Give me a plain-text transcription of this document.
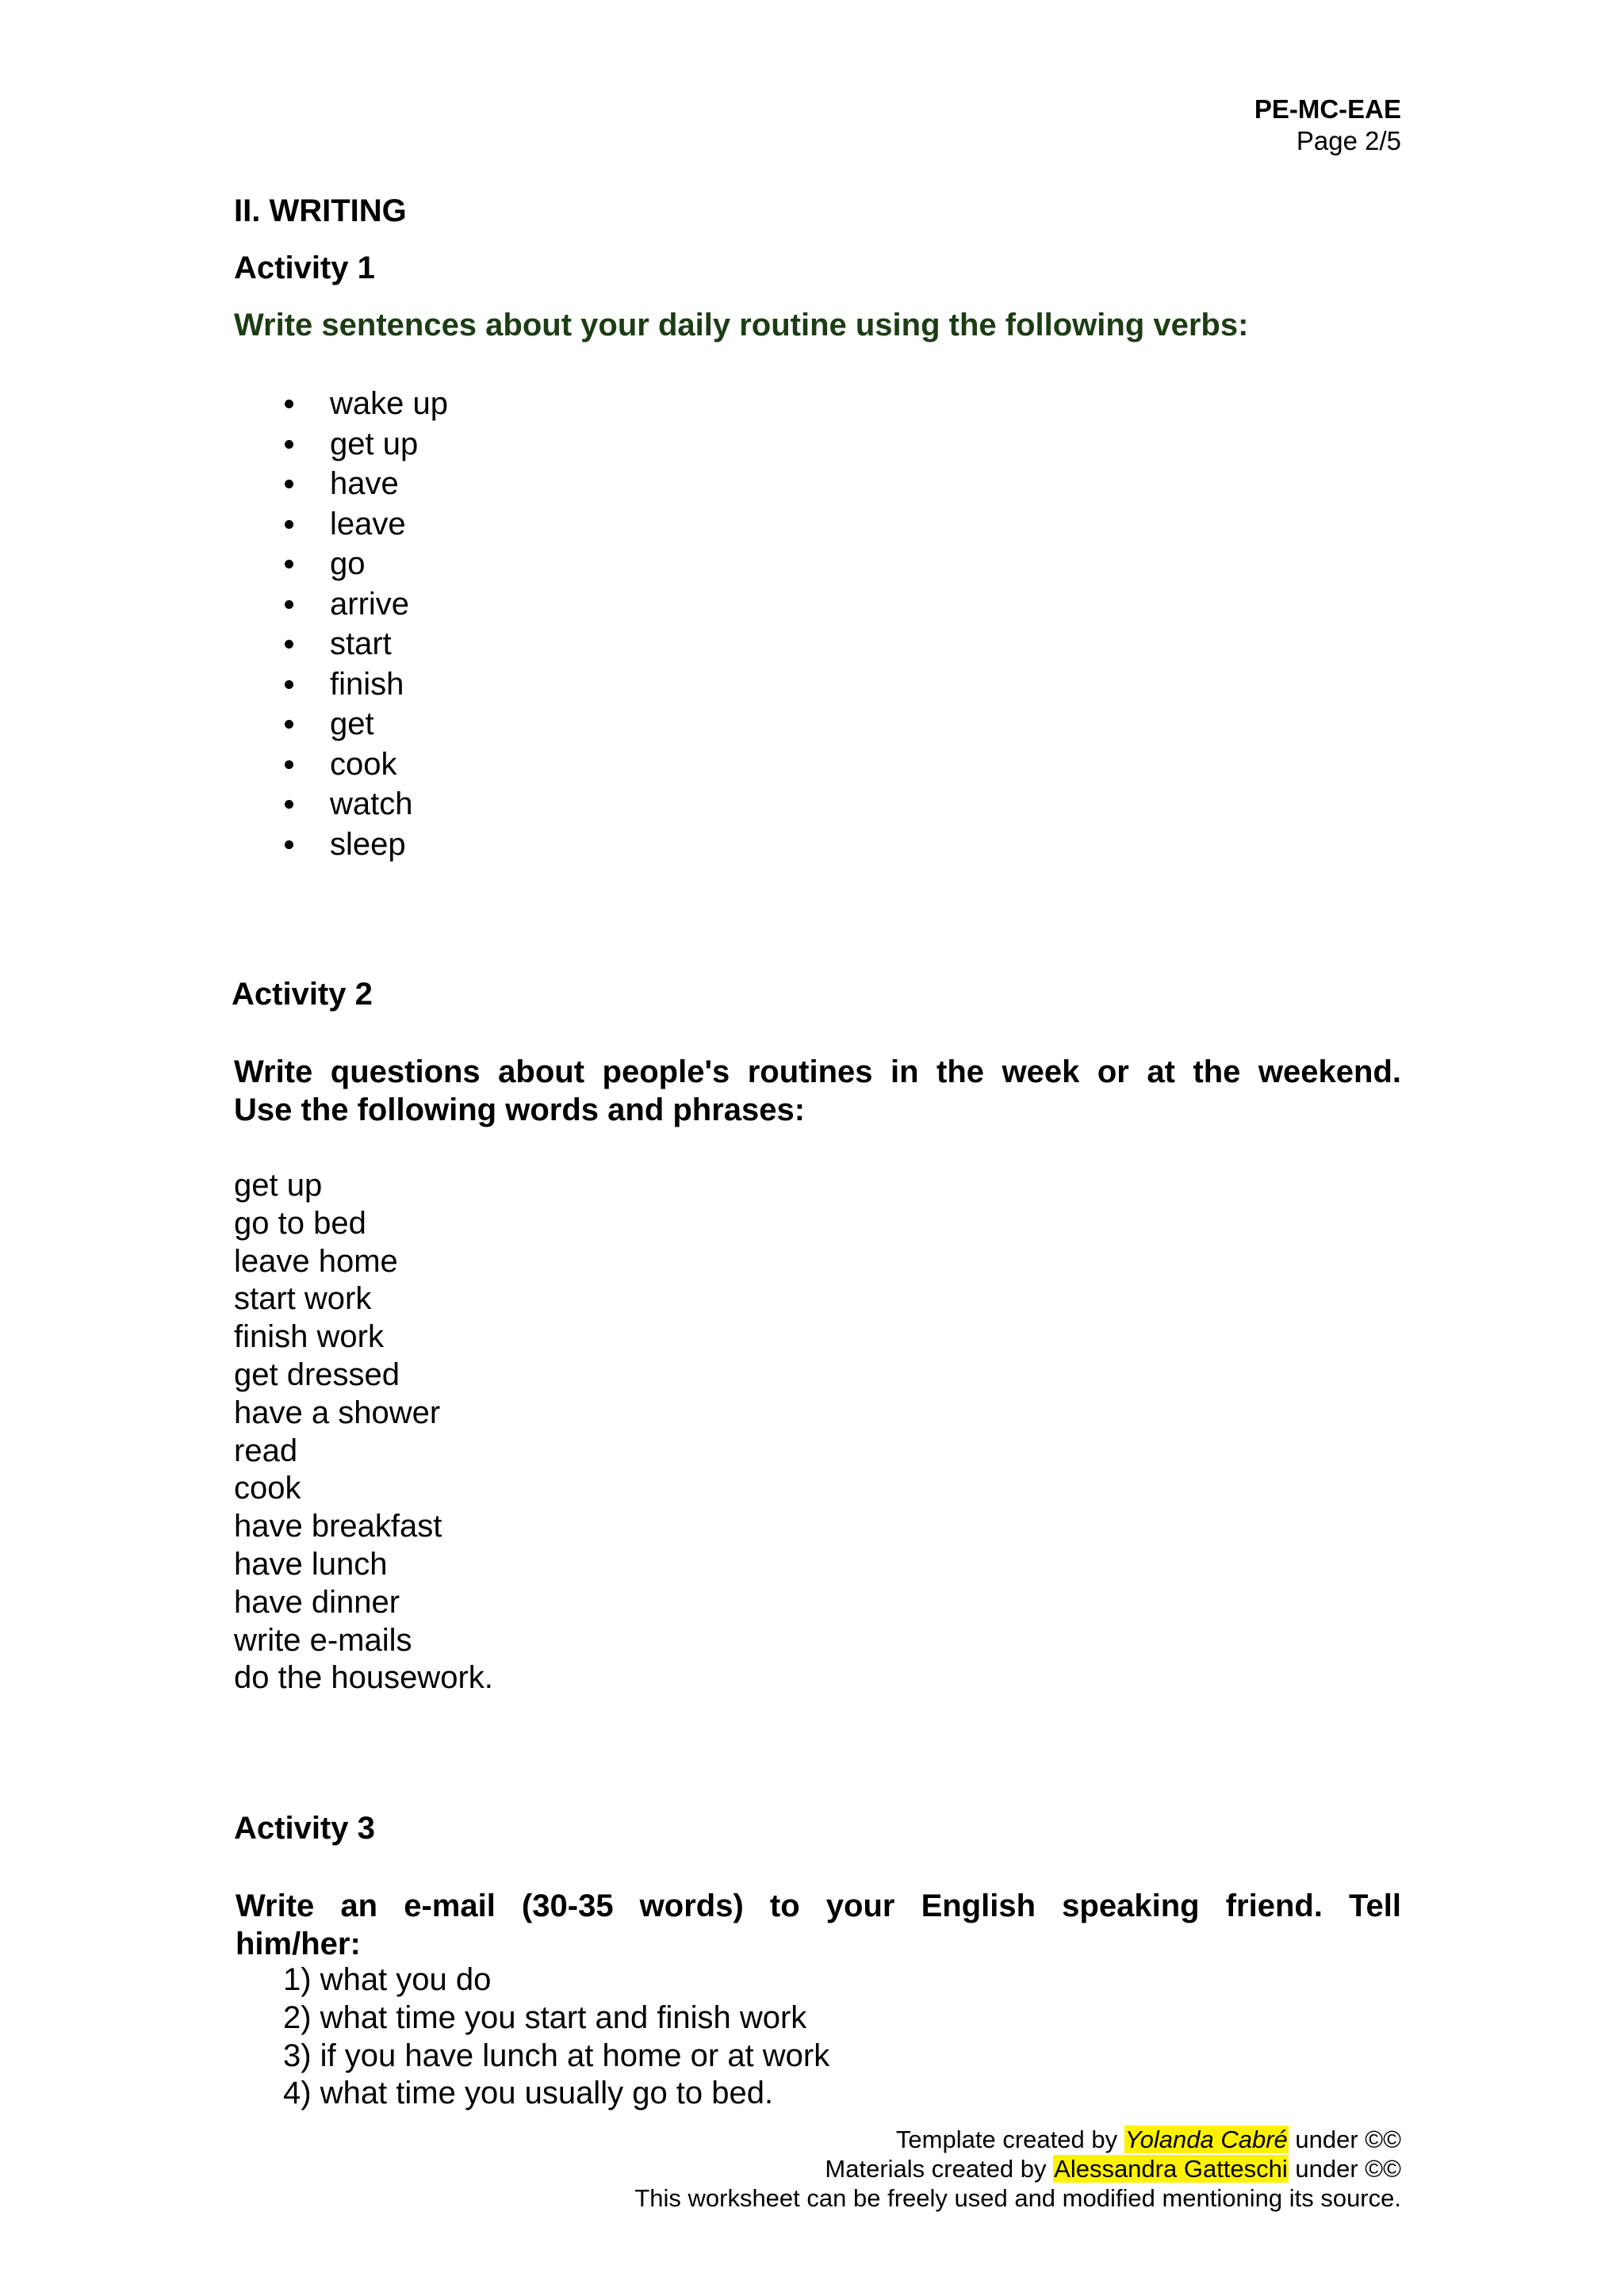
PE-MC-EAE
Page 2/5
II. WRITING
Activity 1
Write sentences about your daily routine using the following verbs:
wake up
get up
have
leave
go
arrive
start
finish
get
cook
watch
sleep
Activity 2
Write questions about people's routines in the week or at the weekend.
Use the following words and phrases:
get up
go to bed
leave home
start work
finish work
get dressed
have a shower
read
cook
have breakfast
have lunch
have dinner
write e-mails
do the housework.
Activity 3
Write an e-mail (30-35 words) to your English speaking friend. Tell
him/her:
1) what you do
2) what time you start and finish work
3) if you have lunch at home or at work
4) what time you usually go to bed.
Template created by Yolanda Cabré under ©©
Materials created by Alessandra Gatteschi under ©©
This worksheet can be freely used and modified mentioning its source.
